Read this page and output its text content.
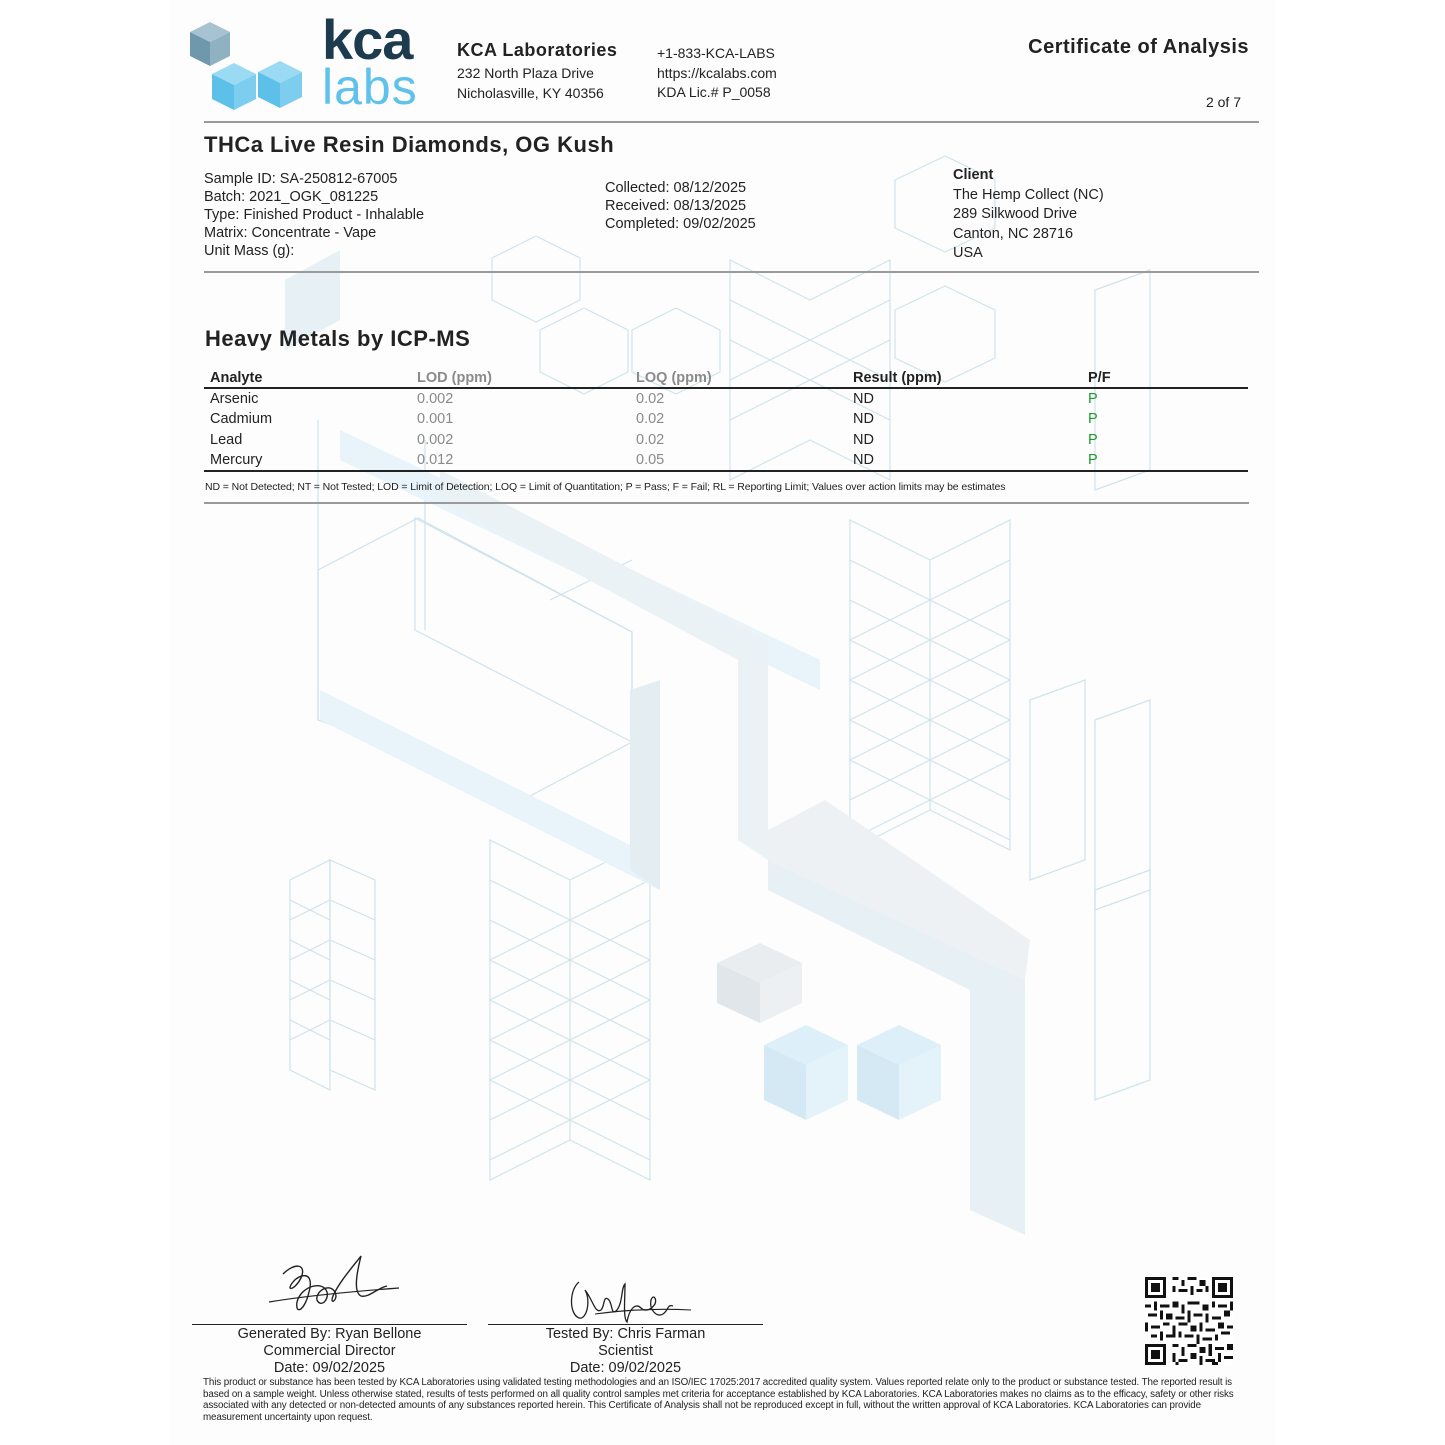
kca
labs
KCA Laboratories
232 North Plaza Drive
Nicholasville, KY 40356
+1-833-KCA-LABS
https://kcalabs.com
KDA Lic.# P_0058
Certificate of Analysis
2 of 7
THCa Live Resin Diamonds, OG Kush
Sample ID: SA-250812-67005
Batch: 2021_OGK_081225
Type: Finished Product - Inhalable
Matrix: Concentrate - Vape
Unit Mass (g):
Collected: 08/12/2025
Received: 08/13/2025
Completed: 09/02/2025
Client
The Hemp Collect (NC)
289 Silkwood Drive
Canton, NC 28716
USA
Heavy Metals by ICP-MS
Analyte	LOD (ppm)	LOQ (ppm)	Result (ppm)	P/F
Arsenic	0.002	0.02	ND	P
Cadmium	0.001	0.02	ND	P
Lead	0.002	0.02	ND	P
Mercury	0.012	0.05	ND	P
ND = Not Detected; NT = Not Tested; LOD = Limit of Detection; LOQ = Limit of Quantitation; P = Pass; F = Fail; RL = Reporting Limit; Values over action limits may be estimates
Generated By: Ryan Bellone
Commercial Director
Date: 09/02/2025
Tested By: Chris Farman
Scientist
Date: 09/02/2025
This product or substance has been tested by KCA Laboratories using validated testing methodologies and an ISO/IEC 17025:2017 accredited quality system. Values reported relate only to the product or substance tested. The reported result is based on a sample weight. Unless otherwise stated, results of tests performed on all quality control samples met criteria for acceptance established by KCA Laboratories. KCA Laboratories makes no claims as to the efficacy, safety or other risks associated with any detected or non-detected amounts of any substances reported herein. This Certificate of Analysis shall not be reproduced except in full, without the written approval of KCA Laboratories. KCA Laboratories can provide measurement uncertainty upon request.
